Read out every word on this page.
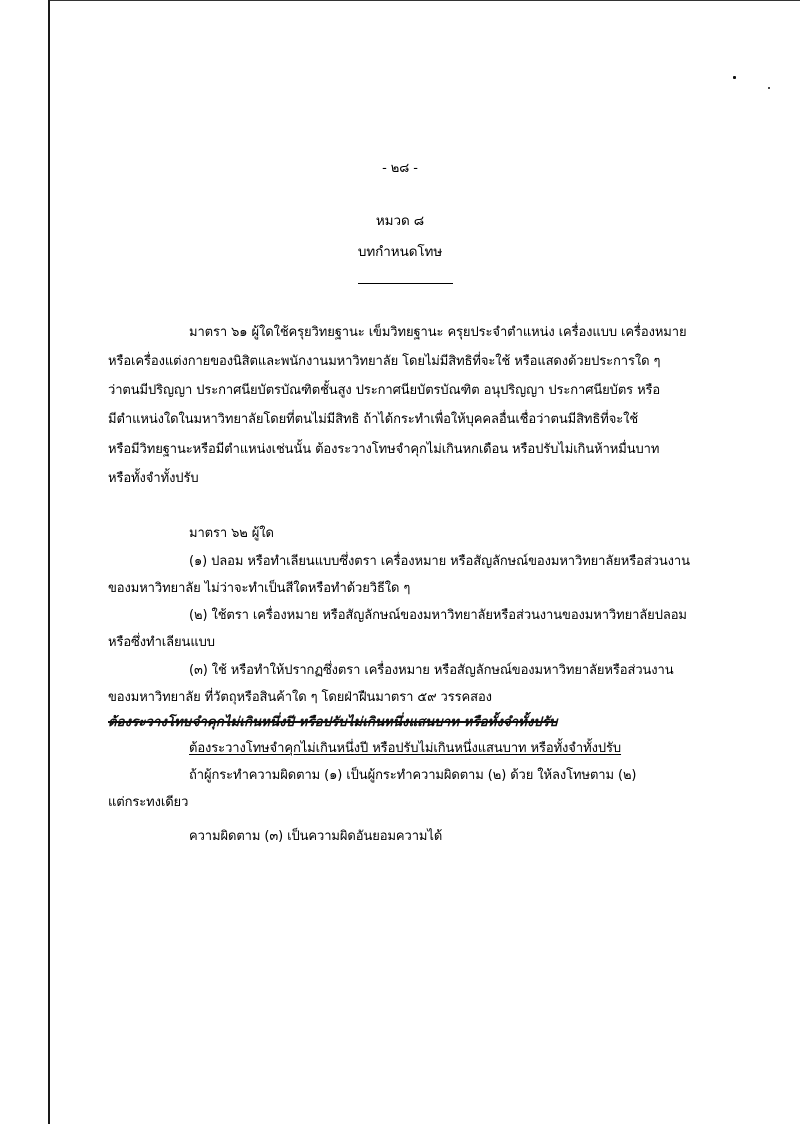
- ๒๘ -
หมวด ๘
บทกำหนดโทษ
มาตรา ๖๑ ผู้ใดใช้ครุยวิทยฐานะ เข็มวิทยฐานะ ครุยประจำตำแหน่ง เครื่องแบบ เครื่องหมาย
หรือเครื่องแต่งกายของนิสิตและพนักงานมหาวิทยาลัย โดยไม่มีสิทธิที่จะใช้ หรือแสดงด้วยประการใด ๆ
ว่าตนมีปริญญา ประกาศนียบัตรบัณฑิตชั้นสูง ประกาศนียบัตรบัณฑิต อนุปริญญา ประกาศนียบัตร หรือ
มีตำแหน่งใดในมหาวิทยาลัยโดยที่ตนไม่มีสิทธิ ถ้าได้กระทำเพื่อให้บุคคลอื่นเชื่อว่าตนมีสิทธิที่จะใช้
หรือมีวิทยฐานะหรือมีตำแหน่งเช่นนั้น ต้องระวางโทษจำคุกไม่เกินหกเดือน หรือปรับไม่เกินห้าหมื่นบาท
หรือทั้งจำทั้งปรับ
มาตรา ๖๒ ผู้ใด
(๑) ปลอม หรือทำเลียนแบบซึ่งตรา เครื่องหมาย หรือสัญลักษณ์ของมหาวิทยาลัยหรือส่วนงาน
ของมหาวิทยาลัย ไม่ว่าจะทำเป็นสีใดหรือทำด้วยวิธีใด ๆ
(๒) ใช้ตรา เครื่องหมาย หรือสัญลักษณ์ของมหาวิทยาลัยหรือส่วนงานของมหาวิทยาลัยปลอม
หรือซึ่งทำเลียนแบบ
(๓) ใช้ หรือทำให้ปรากฏซึ่งตรา เครื่องหมาย หรือสัญลักษณ์ของมหาวิทยาลัยหรือส่วนงาน
ของมหาวิทยาลัย ที่วัตถุหรือสินค้าใด ๆ โดยฝ่าฝืนมาตรา ๕๙ วรรคสอง
ต้องระวางโทษจำคุกไม่เกินหนึ่งปี หรือปรับไม่เกินหนึ่งแสนบาท หรือทั้งจำทั้งปรับ
ต้องระวางโทษจำคุกไม่เกินหนึ่งปี หรือปรับไม่เกินหนึ่งแสนบาท หรือทั้งจำทั้งปรับ
ถ้าผู้กระทำความผิดตาม (๑) เป็นผู้กระทำความผิดตาม (๒) ด้วย ให้ลงโทษตาม (๒)
แต่กระทงเดียว
ความผิดตาม (๓) เป็นความผิดอันยอมความได้
